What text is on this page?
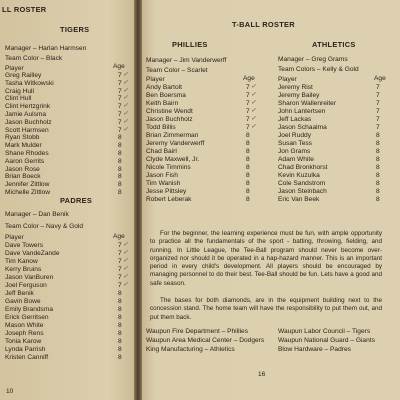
LL ROSTER
TIGERS
Manager – Harlan Harmsen
Team Color – Black
Player	Age
Greg Railley	7 ✓
Tasha Witkowski	7 ✓
Craig Hull	7 ✓
Clint Hull	7 ✓
Clint Hertzgrink	7 ✓
Jamie Aulsma	7 ✓
Jason Buchholz	7 ✓
Scott Harmsen	7 ✓
Ryan Stobb	8
Mark Mulder	8
Shane Rhodes	8
Aaron Gerrits	8
Jason Rose	8
Brian Boeck	8
Jennifer Zittlow	8
Michelle Zittlow	8
PADRES
Manager – Dan Benik
Team Color – Navy & Gold
Player	Age
Dave Towers	7 ✓
Dave VandeZande	7 ✓
Tim Kanow	7 ✓
Kerry Bruins	7 ✓
Jason VanBuren	7 ✓
Joel Ferguson	7 ✓
Jeff Benik	8
Gavin Bowe	8
Emily Brandsma	8
Erick Gerritsen	8
Mason White	8
Joseph Rens	8
Tonia Karow	8
Lynda Parrish	8
Kristen Canniff	8
10
T-BALL ROSTER
PHILLIES
Manager – Jim Vanderwerff
Team Color – Scarlet
Player	Age
Andy Bartolt	7 ✓
Ben Boersma	7 ✓
Keith Bairn	7 ✓
Christine Wendt	7 ✓
Jason Buchholz	7 ✓
Todd Billis	7 ✓
Brian Zimmerman	8
Jeremy Vanderwerff	8
Chad Bairl	8
Clyde Maxwell, Jr.	8
Nicole Timmins	8
Jason Fish	8
Tim Wanish	8
Jesse Pittsley	8
Robert Leberak	8
ATHLETICS
Manager – Greg Grams
Team Colors – Kelly & Gold
Player	Age
Jeremy Rist	7
Jeremy Bailey	7
Sharon Wallenreiter	7
John Lantertsen	7
Jeff Lackas	7
Jason Schaalma	7
Joel Ruddy	8
Susan Tess	8
Jon Grams	8
Adam White	8
Chad Bronkhorst	8
Kevin Kuzulka	8
Cole Sandstrom	8
Jason Steinbach	8
Eric Van Beek	8
For the beginner, the learning experience must be fun, with ample opportunity to practice all the fundamentals of the sport - batting, throwing, fielding, and running. In Little League, the Tee-Ball program should never become over-organized nor should it be operated in a hap-hazard manner. This is an important period in every child's development. All players should be encouraged by managing personnel to do their best. Tee-Ball should be fun. Lets have a good and safe season.
The bases for both diamonds, are in the equipment building next to the concession stand. The home team will have the responsibility to put them out, and put them back.
Waupun Fire Department – Phillies
Waupun Area Medical Center – Dodgers
King Manufacturing – Athletics
Waupun Labor Council – Tigers
Waupun National Guard – Giants
Blow Hardware – Padres
16
